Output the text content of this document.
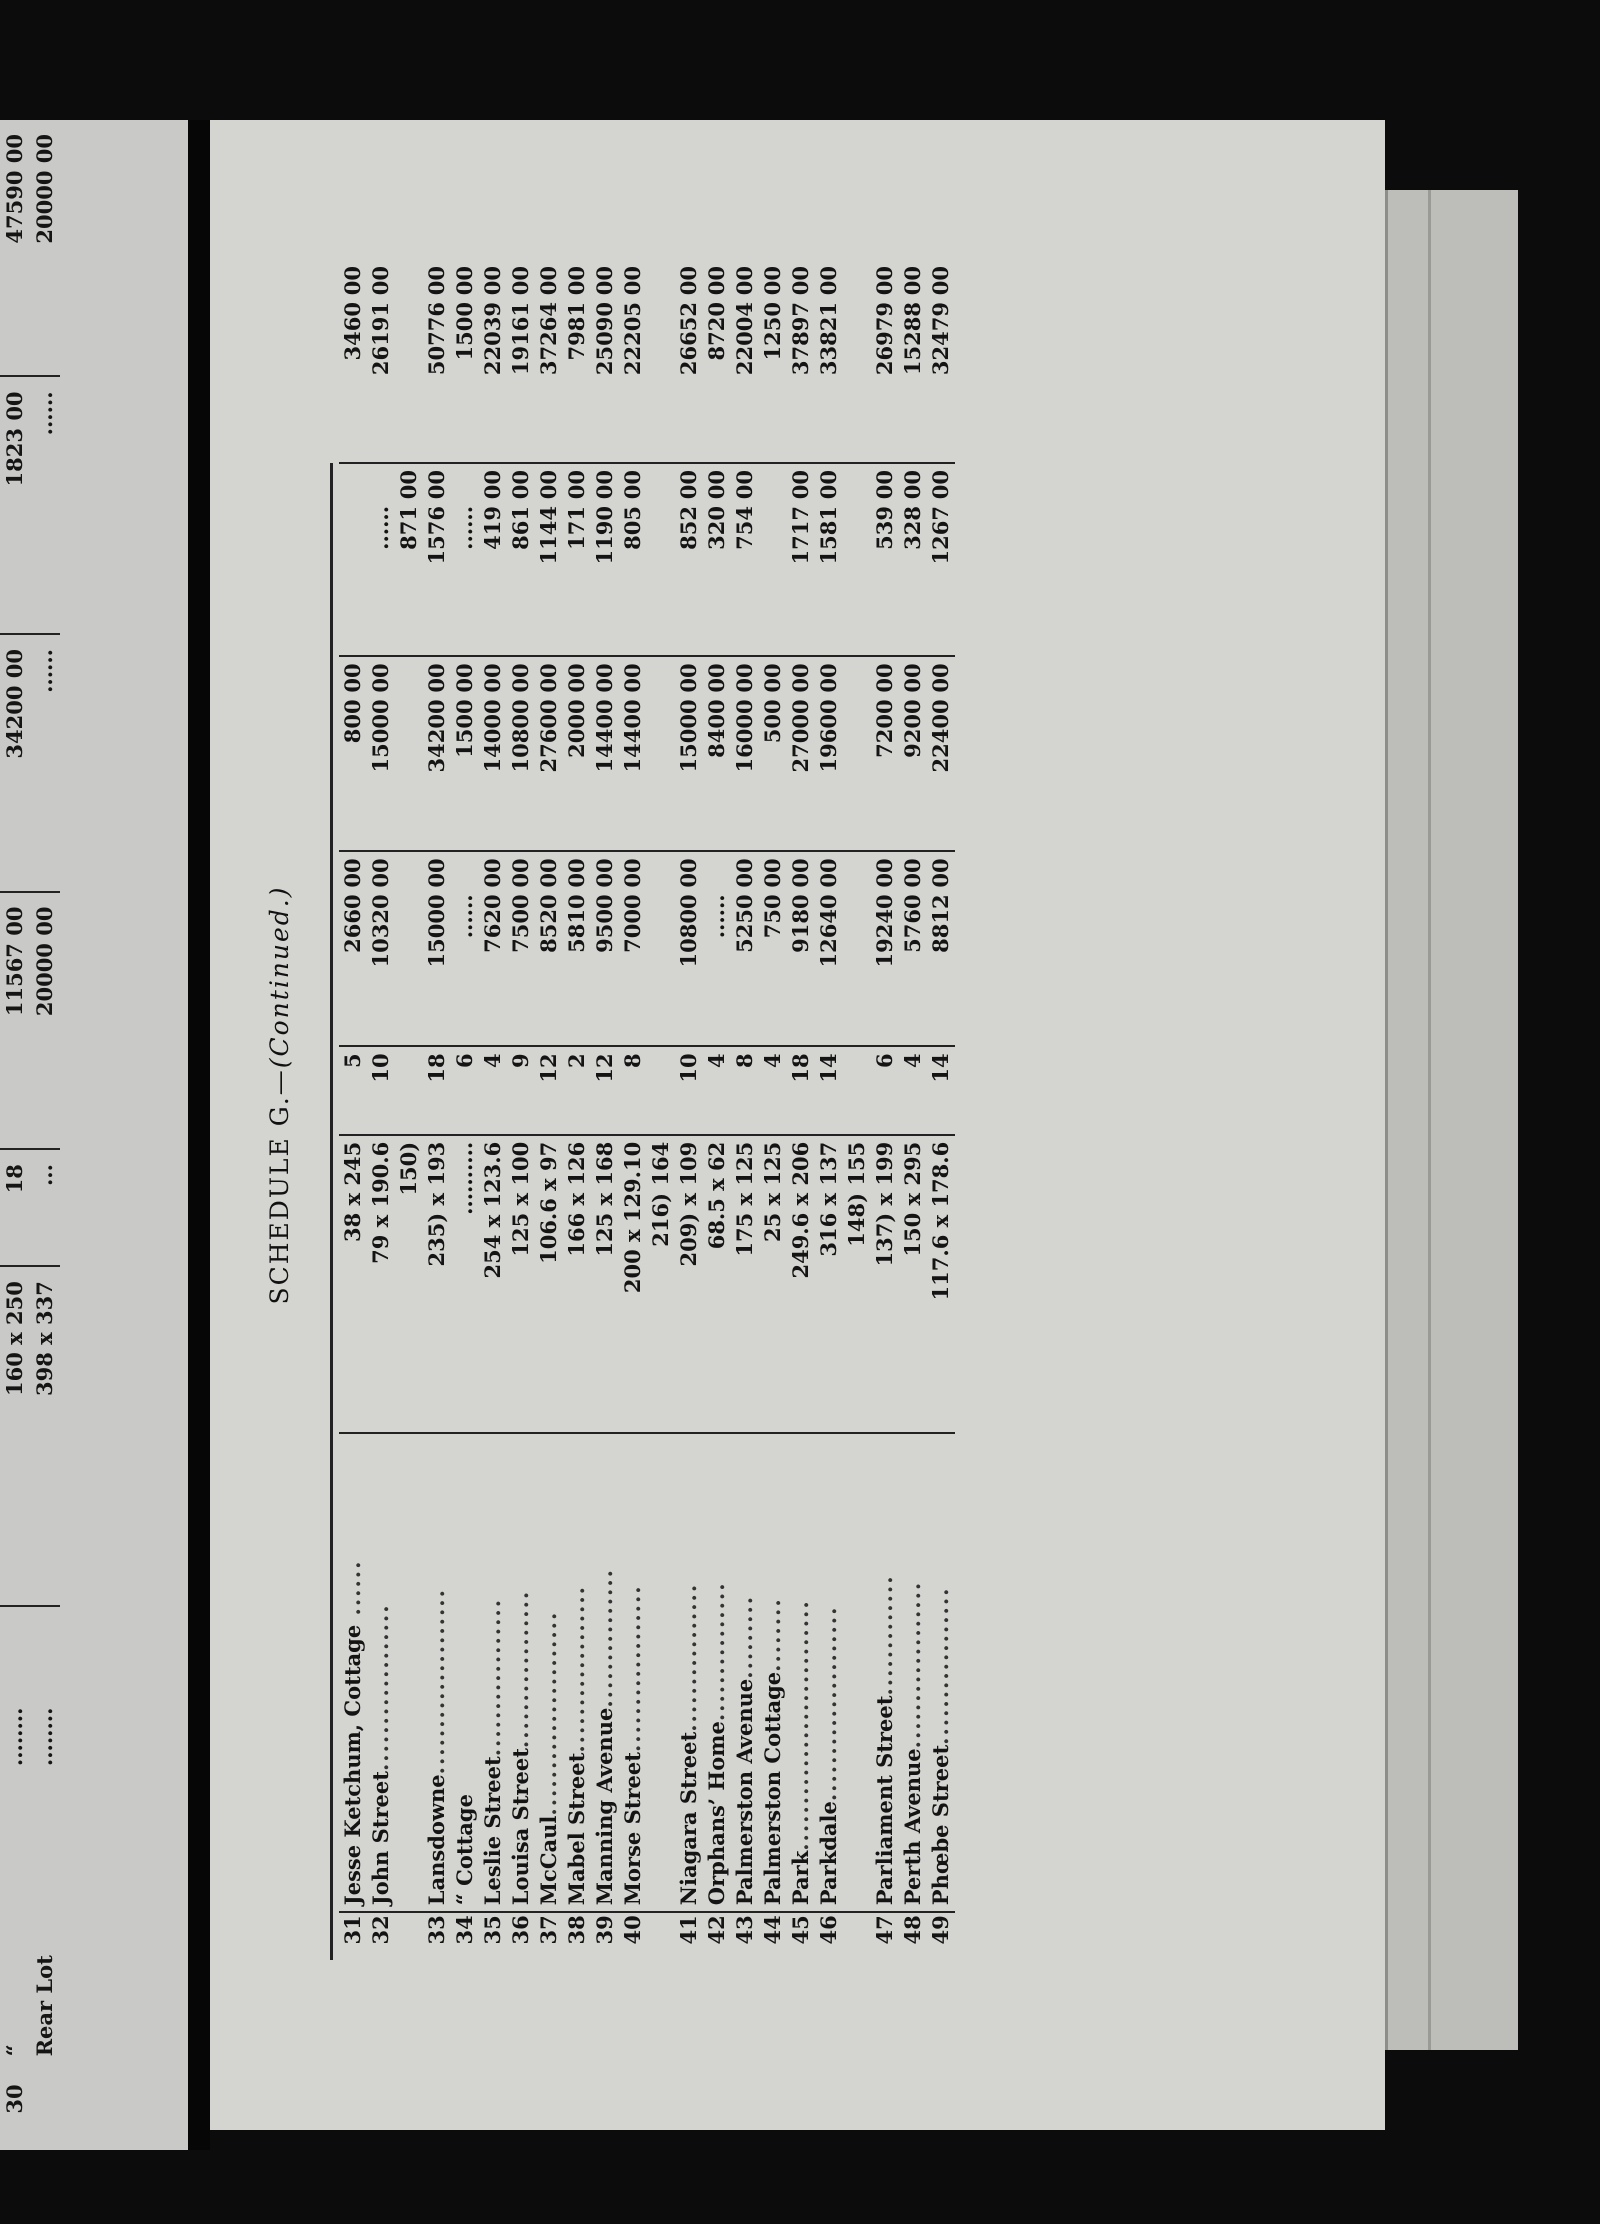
30	“	........	160 x 250	18	11567 00	34200 00	1823 00	47590 00
	Rear Lot	........	398 x 337	...	20000 00	......	......	20000 00
SCHEDULE G.—(Continued.)

31	Jesse Ketchum, Cottage ......	38 x 245	5	266000	80000		346000
32	John Street..................	79 x 190.6	10	1032000	1500000	......	2619100
		150)				87100	
33	Lansdowne....................	235) x 193	18	1500000	3420000	157600	5077600
34	“ Cottage	..........	6	......	150000	......	150000
35	Leslie Street.................	254 x 123.6	4	762000	1400000	41900	2203900
36	Louisa Street.................	125 x 100	9	750000	1080000	86100	1916100
37	McCaul......................	106.6 x 97	12	852000	2760000	114400	3726400
38	Mabel Street..................	166 x 126	2	581000	200000	17100	798100
39	Manning Avenue...............	125 x 168	12	950000	1440000	119000	2509000
40	Morse Street..................	200 x 129.10	8	700000	1440000	80500	2220500
		216) 164					
41	Niagara Street................	209) x 109	10	1080000	1500000	85200	2665200
42	Orphans’ Home...............	68.5 x 62	4	......	840000	32000	872000
43	Palmerston Avenue.........	175 x 125	8	525000	1600000	75400	2200400
44	Palmerston Cottage........	25 x 125	4	75000	50000		125000
45	Park...........................	249.6 x 206	18	918000	2700000	171700	3789700
46	Parkdale.....................	316 x 137	14	1264000	1960000	158100	3382100
		148) 155					
47	Parliament Street.............	137) x 199	6	1924000	720000	53900	2697900
48	Perth Avenue..................	150 x 295	4	576000	920000	32800	1528800
49	Phœbe Street.................	117.6 x 178.6	14	881200	2240000	126700	3247900
